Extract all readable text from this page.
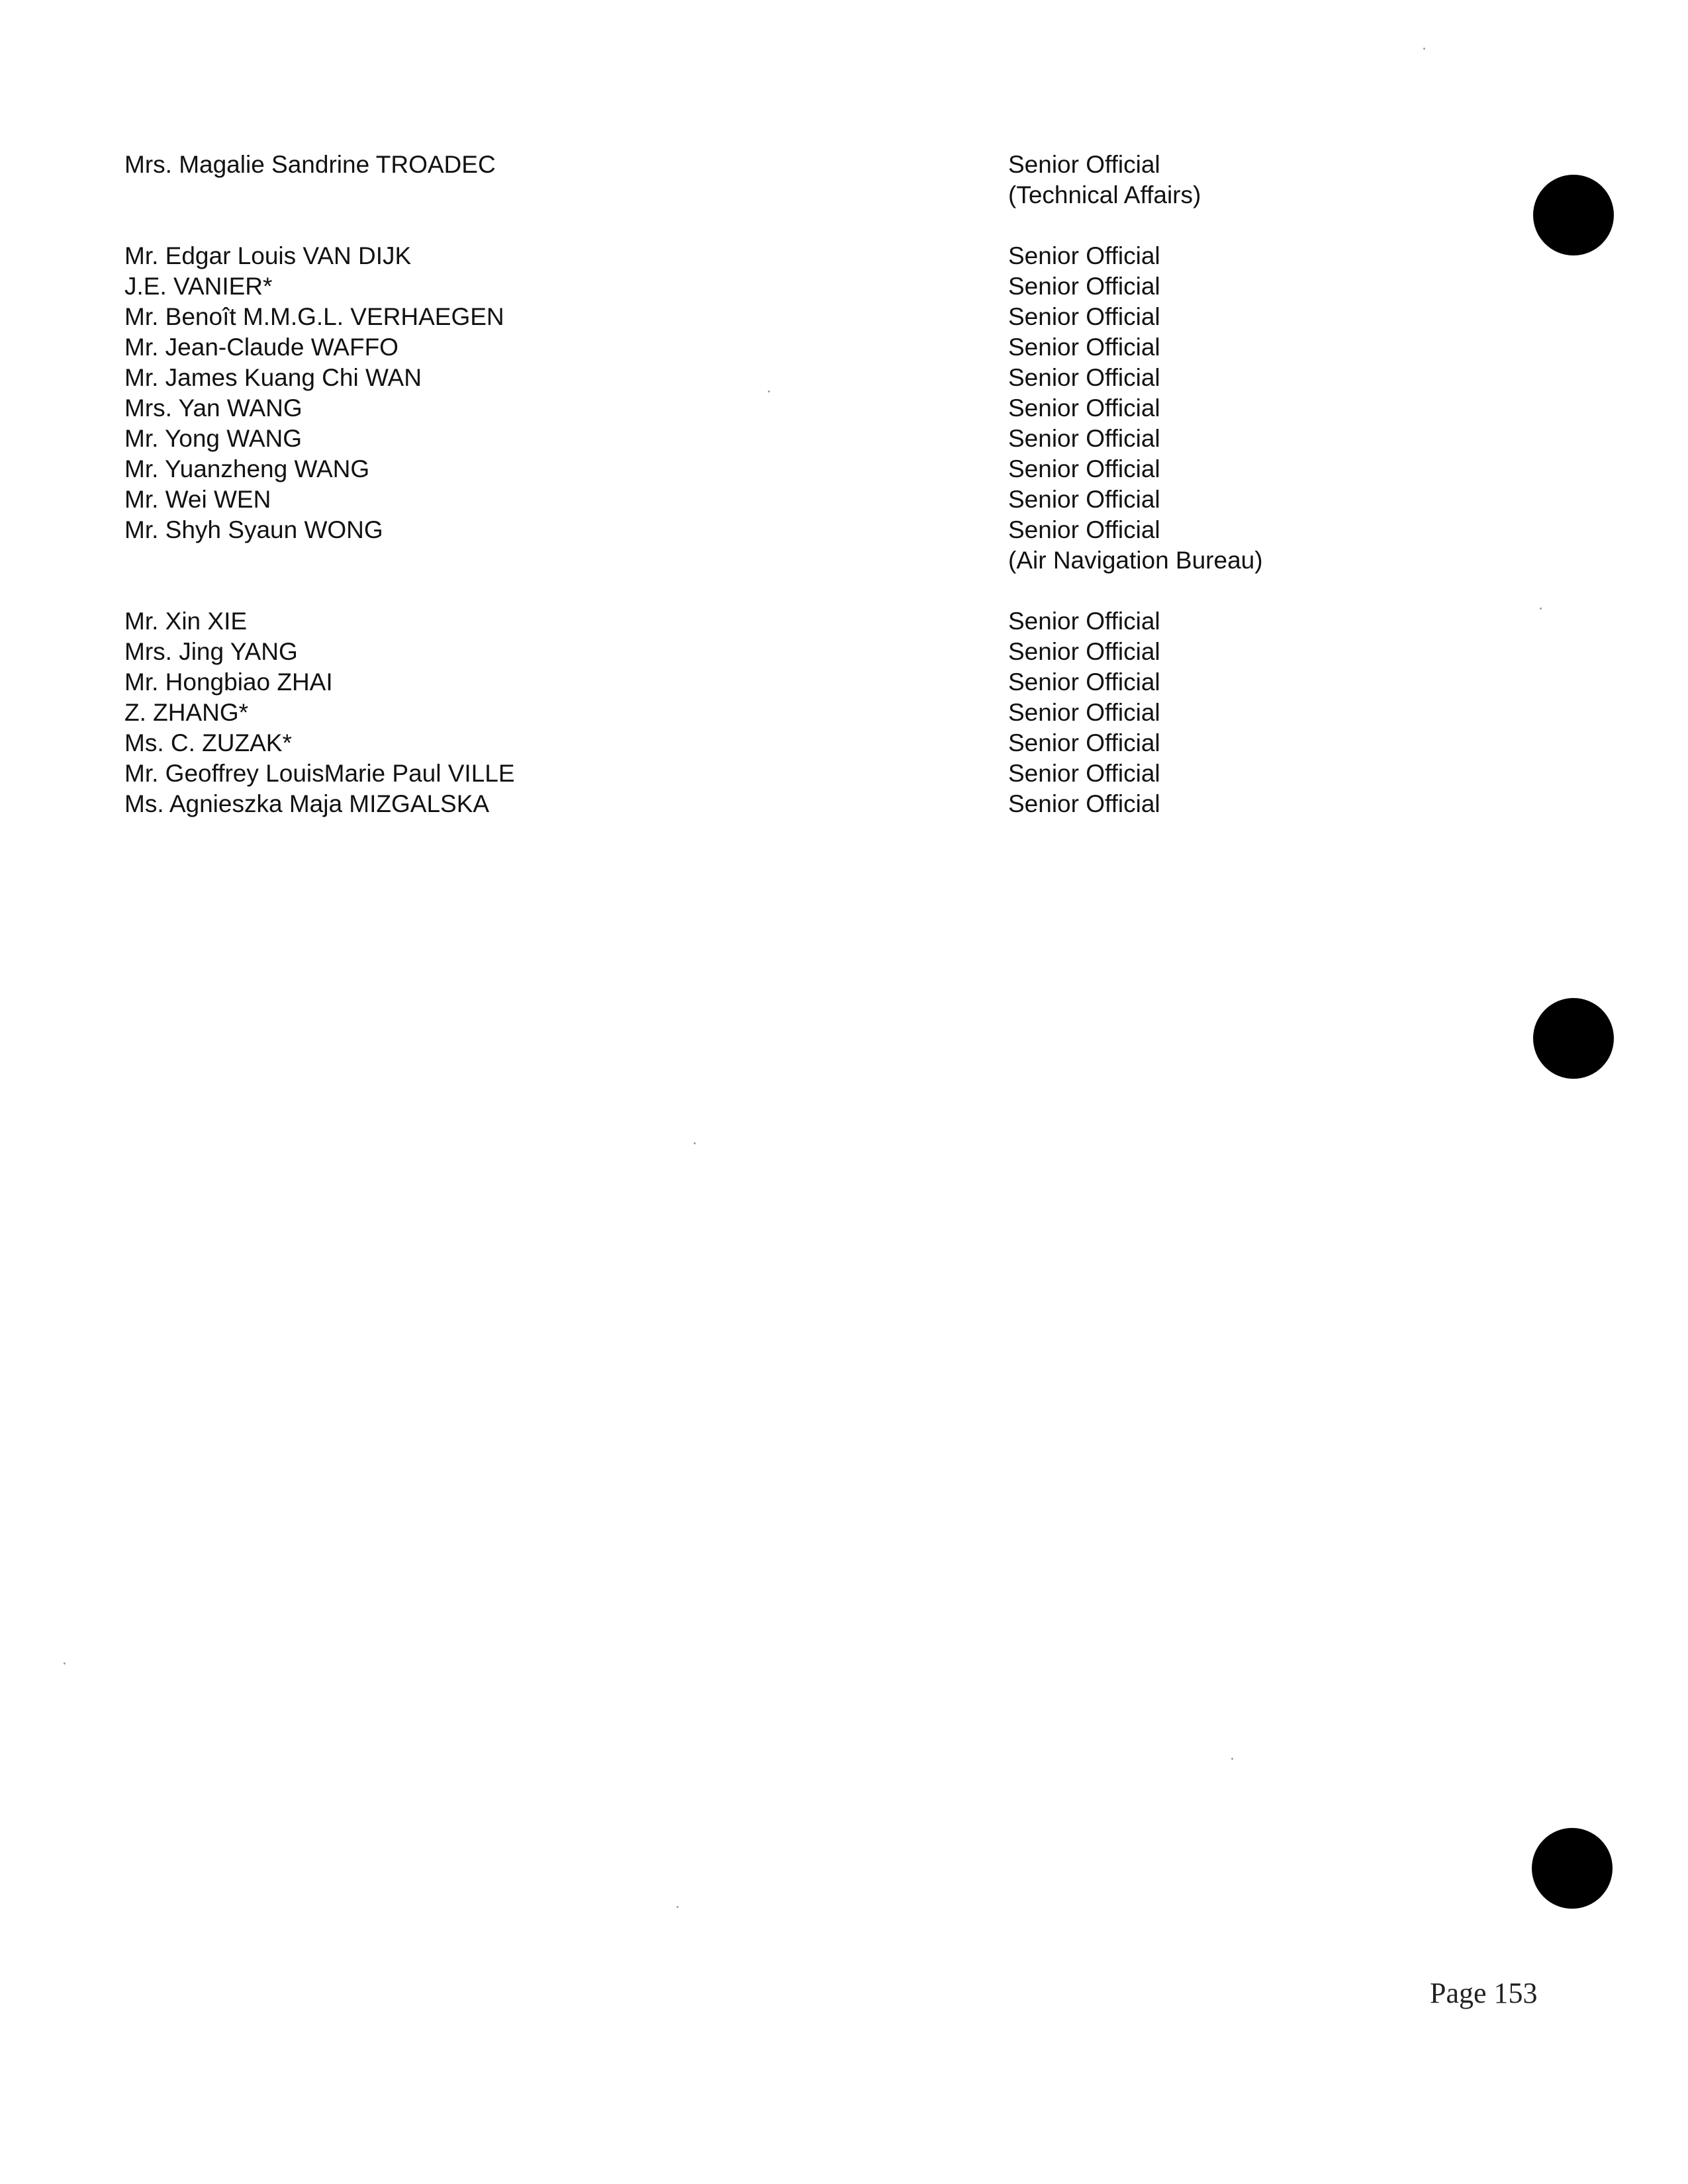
Mrs. Magalie Sandrine TROADEC	Senior Official
(Technical Affairs)
Mr. Edgar Louis VAN DIJK	Senior Official
J.E. VANIER*	Senior Official
Mr. Benoît M.M.G.L. VERHAEGEN	Senior Official
Mr. Jean-Claude WAFFO	Senior Official
Mr. James Kuang Chi WAN	Senior Official
Mrs. Yan WANG	Senior Official
Mr. Yong WANG	Senior Official
Mr. Yuanzheng WANG	Senior Official
Mr. Wei WEN	Senior Official
Mr. Shyh Syaun WONG	Senior Official
(Air Navigation Bureau)
Mr. Xin XIE	Senior Official
Mrs. Jing YANG	Senior Official
Mr. Hongbiao ZHAI	Senior Official
Z. ZHANG*	Senior Official
Ms. C. ZUZAK*	Senior Official
Mr. Geoffrey LouisMarie Paul VILLE	Senior Official
Ms. Agnieszka Maja MIZGALSKA	Senior Official
Page 153
